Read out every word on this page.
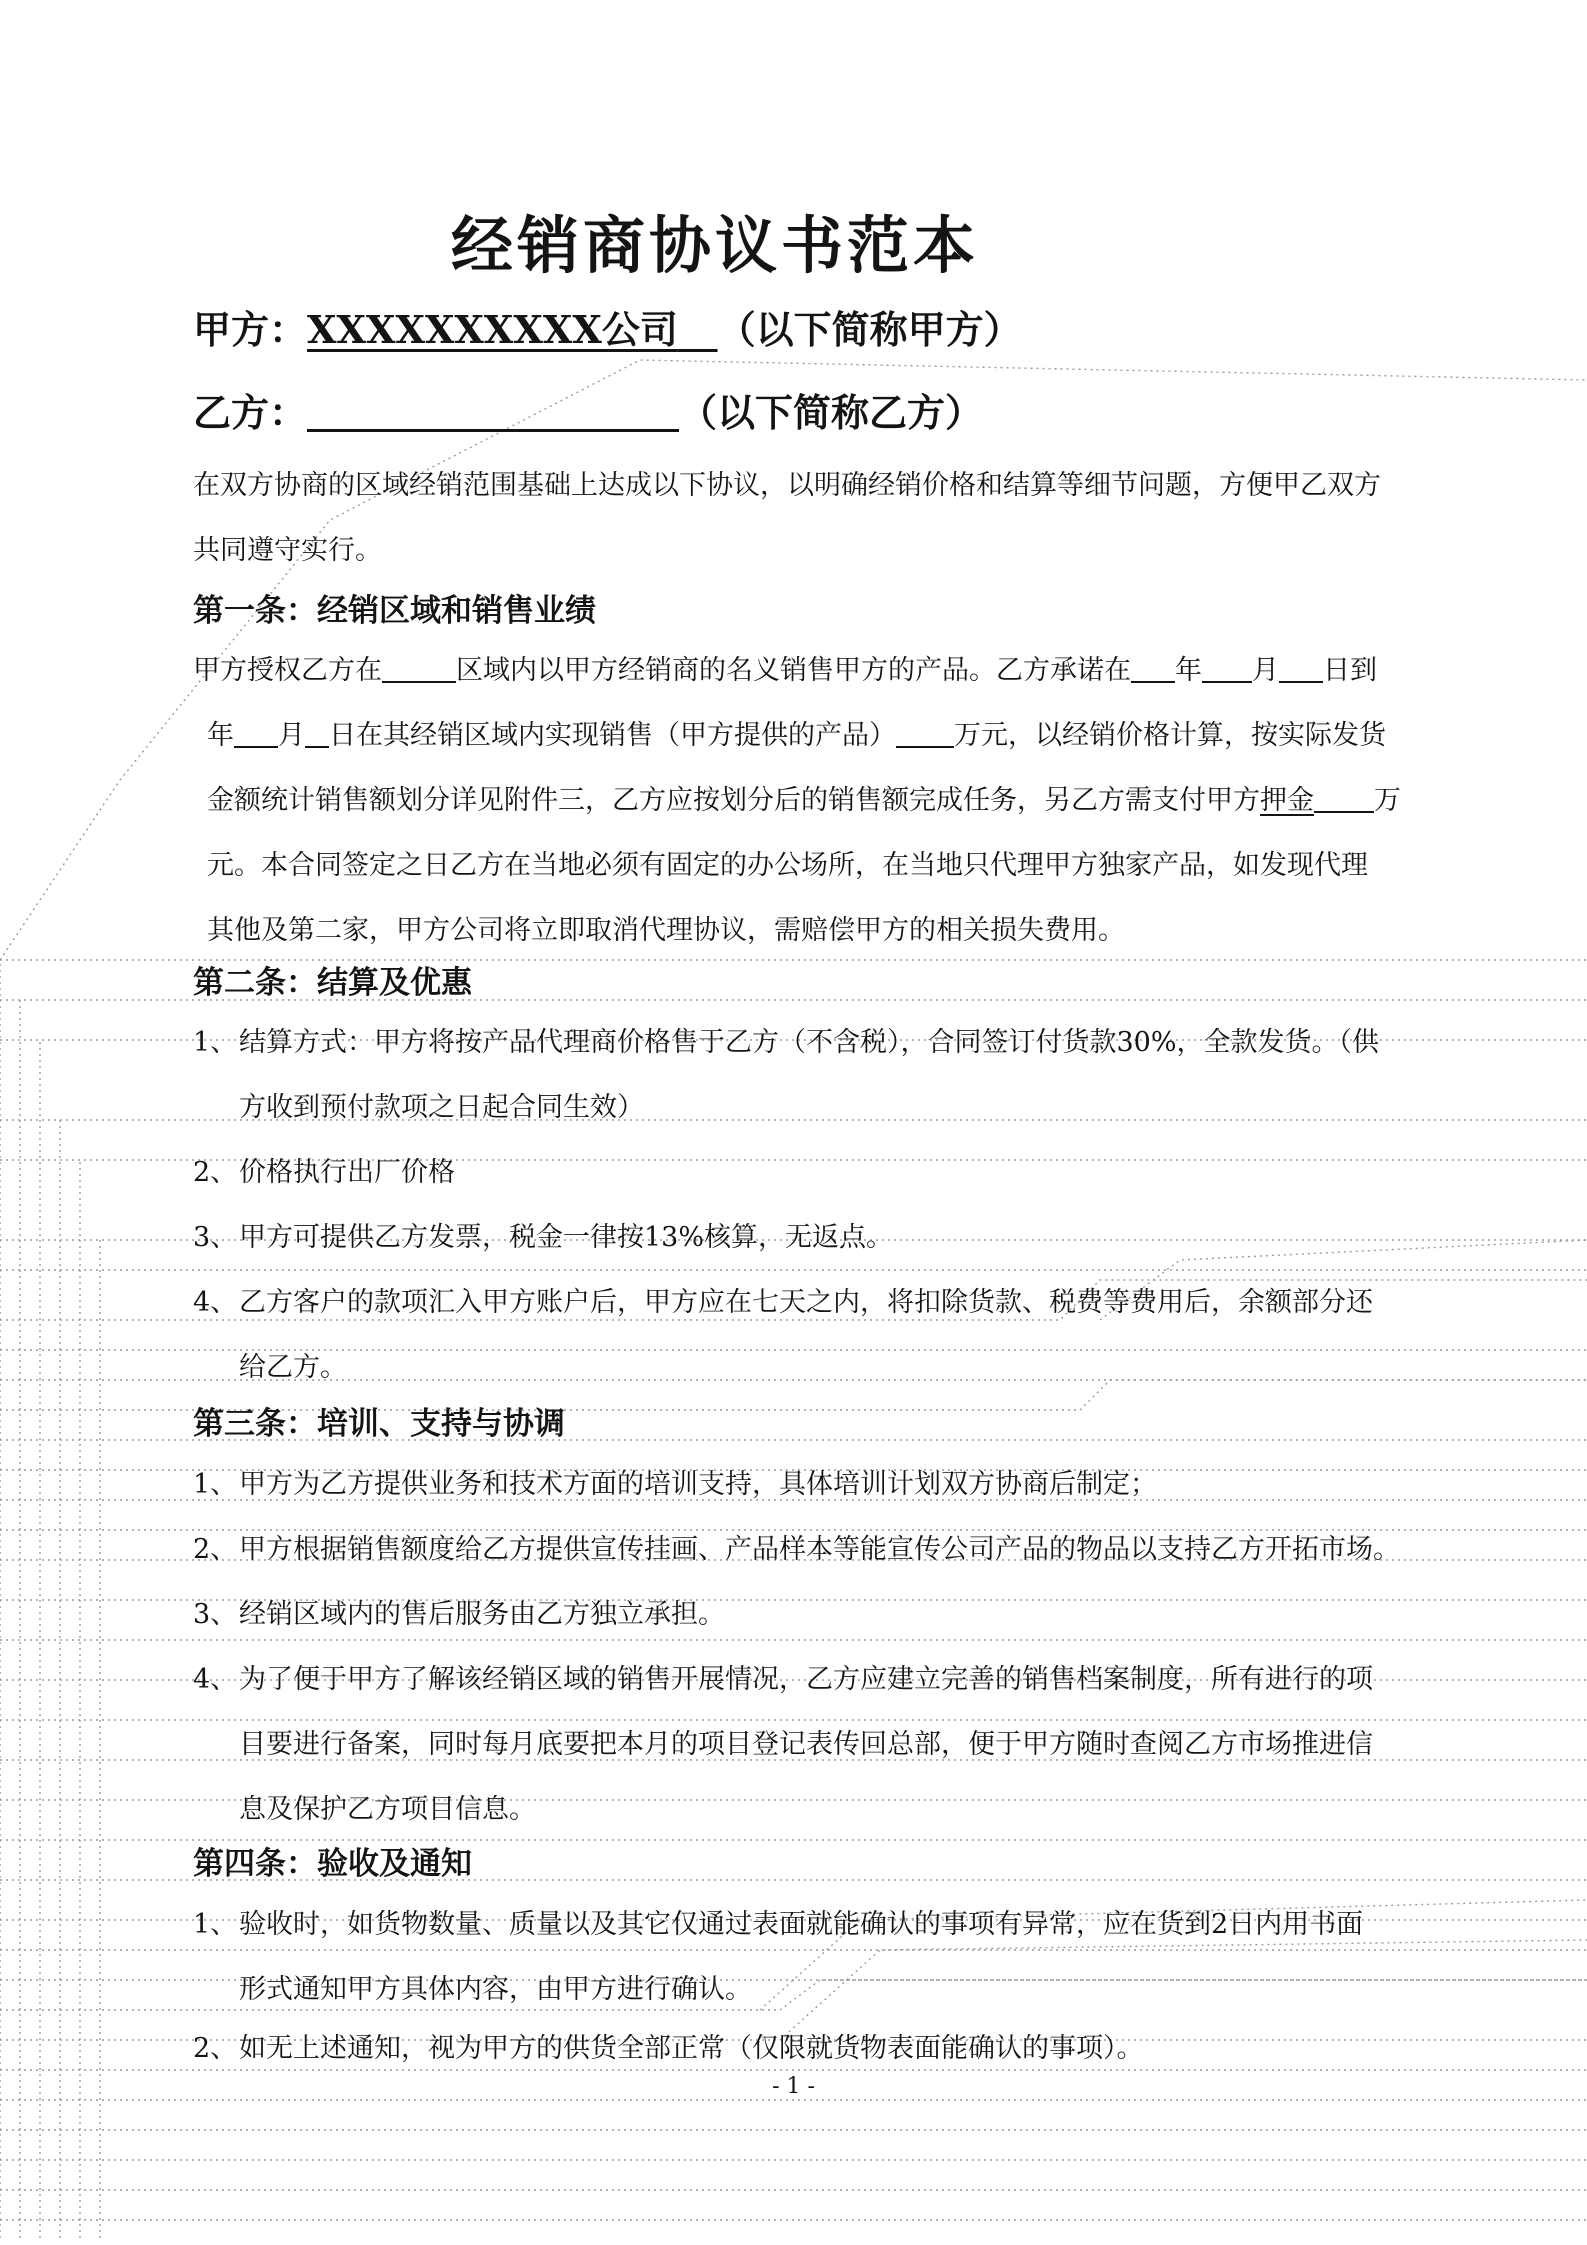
经销商协议书范本
甲方：XXXXXXXXXX公司 （以下简称甲方）
乙方：	（以下简称乙方）
在双方协商的区域经销范围基础上达成以下协议，以明确经销价格和结算等细节问题，方便甲乙双方
共同遵守实行。
第一条：经销区域和销售业绩
甲方授权乙方在	区域内以甲方经销商的名义销售甲方的产品。乙方承诺在 年 月 日到
年 月 日在其经销区域内实现销售（甲方提供的产品） 万元，以经销价格计算，按实际发货
金额统计销售额划分详见附件三，乙方应按划分后的销售额完成任务，另乙方需支付甲方押金 万
元。本合同签定之日乙方在当地必须有固定的办公场所，在当地只代理甲方独家产品，如发现代理
其他及第二家，甲方公司将立即取消代理协议，需赔偿甲方的相关损失费用。
第二条：结算及优惠
1、 结算方式：甲方将按产品代理商价格售于乙方（不含税），合同签订付货款30%，全款发货。（供
方收到预付款项之日起合同生效）
2、 价格执行出厂价格
3、 甲方可提供乙方发票，税金一律按13%核算，无返点。
4、 乙方客户的款项汇入甲方账户后，甲方应在七天之内，将扣除货款、税费等费用后，余额部分还
给乙方。
第三条：培训、支持与协调
1、 甲方为乙方提供业务和技术方面的培训支持，具体培训计划双方协商后制定；
2、 甲方根据销售额度给乙方提供宣传挂画、产品样本等能宣传公司产品的物品以支持乙方开拓市场。
3、 经销区域内的售后服务由乙方独立承担。
4、 为了便于甲方了解该经销区域的销售开展情况，乙方应建立完善的销售档案制度，所有进行的项
目要进行备案，同时每月底要把本月的项目登记表传回总部，便于甲方随时查阅乙方市场推进信
息及保护乙方项目信息。
第四条：验收及通知
1、 验收时，如货物数量、质量以及其它仅通过表面就能确认的事项有异常，应在货到2日内用书面
形式通知甲方具体内容，由甲方进行确认。
2、 如无上述通知，视为甲方的供货全部正常（仅限就货物表面能确认的事项）。
- 1 -
